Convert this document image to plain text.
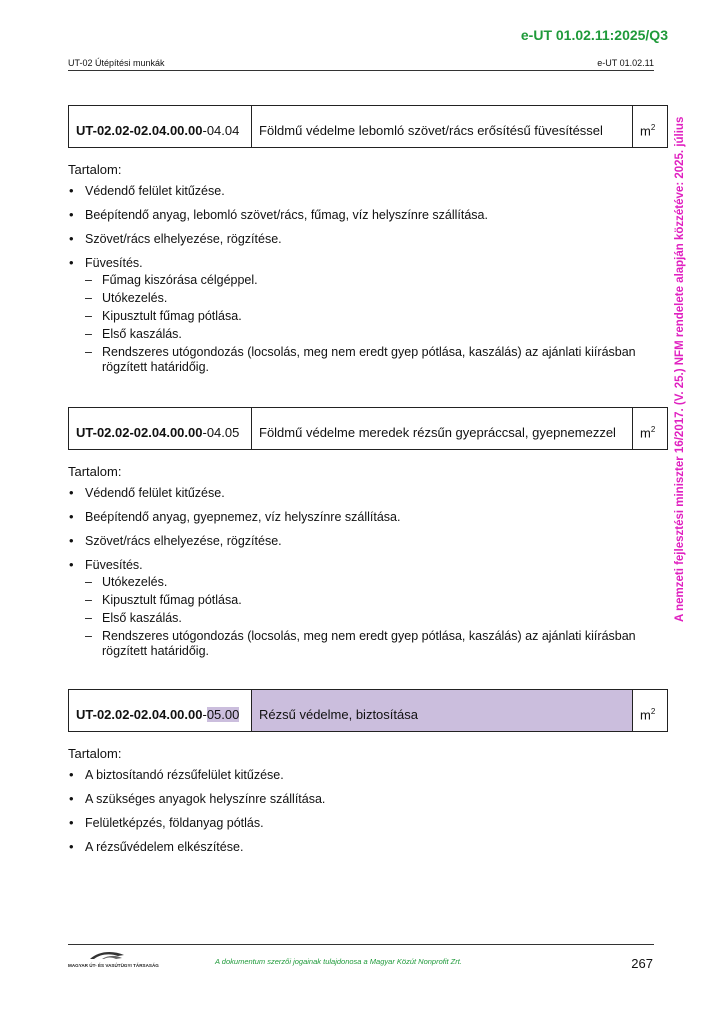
e-UT 01.02.11:2025/Q3
UT-02 Útépítési munkák	e-UT 01.02.11
A nemzeti fejlesztési miniszter 16/2017. (V. 25.) NFM rendelete alapján közzétéve: 2025. július
UT-02.02-02.04.00.00-04.04	Földmű védelme lebomló szövet/rács erősítésű füvesítéssel	$m^2$
Tartalom:
• Védendő felület kitűzése.
• Beépítendő anyag, lebomló szövet/rács, fűmag, víz helyszínre szállítása.
• Szövet/rács elhelyezése, rögzítése.
• Füvesítés.
– Fűmag kiszórása célgéppel.
– Utókezelés.
– Kipusztult fűmag pótlása.
– Első kaszálás.
– Rendszeres utógondozás (locsolás, meg nem eredt gyep pótlása, kaszálás) az ajánlati kiírásban rögzített határidőig.
UT-02.02-02.04.00.00-04.05	Földmű védelme meredek rézsűn gyepráccsal, gyepnemezzel	$m^2$
Tartalom:
• Védendő felület kitűzése.
• Beépítendő anyag, gyepnemez, víz helyszínre szállítása.
• Szövet/rács elhelyezése, rögzítése.
• Füvesítés.
– Utókezelés.
– Kipusztult fűmag pótlása.
– Első kaszálás.
– Rendszeres utógondozás (locsolás, meg nem eredt gyep pótlása, kaszálás) az ajánlati kiírásban rögzített határidőig.
UT-02.02-02.04.00.00-05.00	Rézsű védelme, biztosítása	$m^2$
Tartalom:
• A biztosítandó rézsűfelület kitűzése.
• A szükséges anyagok helyszínre szállítása.
• Felületképzés, földanyag pótlás.
• A rézsűvédelem elkészítése.
MAGYAR ÚT- ÉS VASÚTÜGYI TÁRSASÁG	A dokumentum szerzői jogainak tulajdonosa a Magyar Közút Nonprofit Zrt.	267
